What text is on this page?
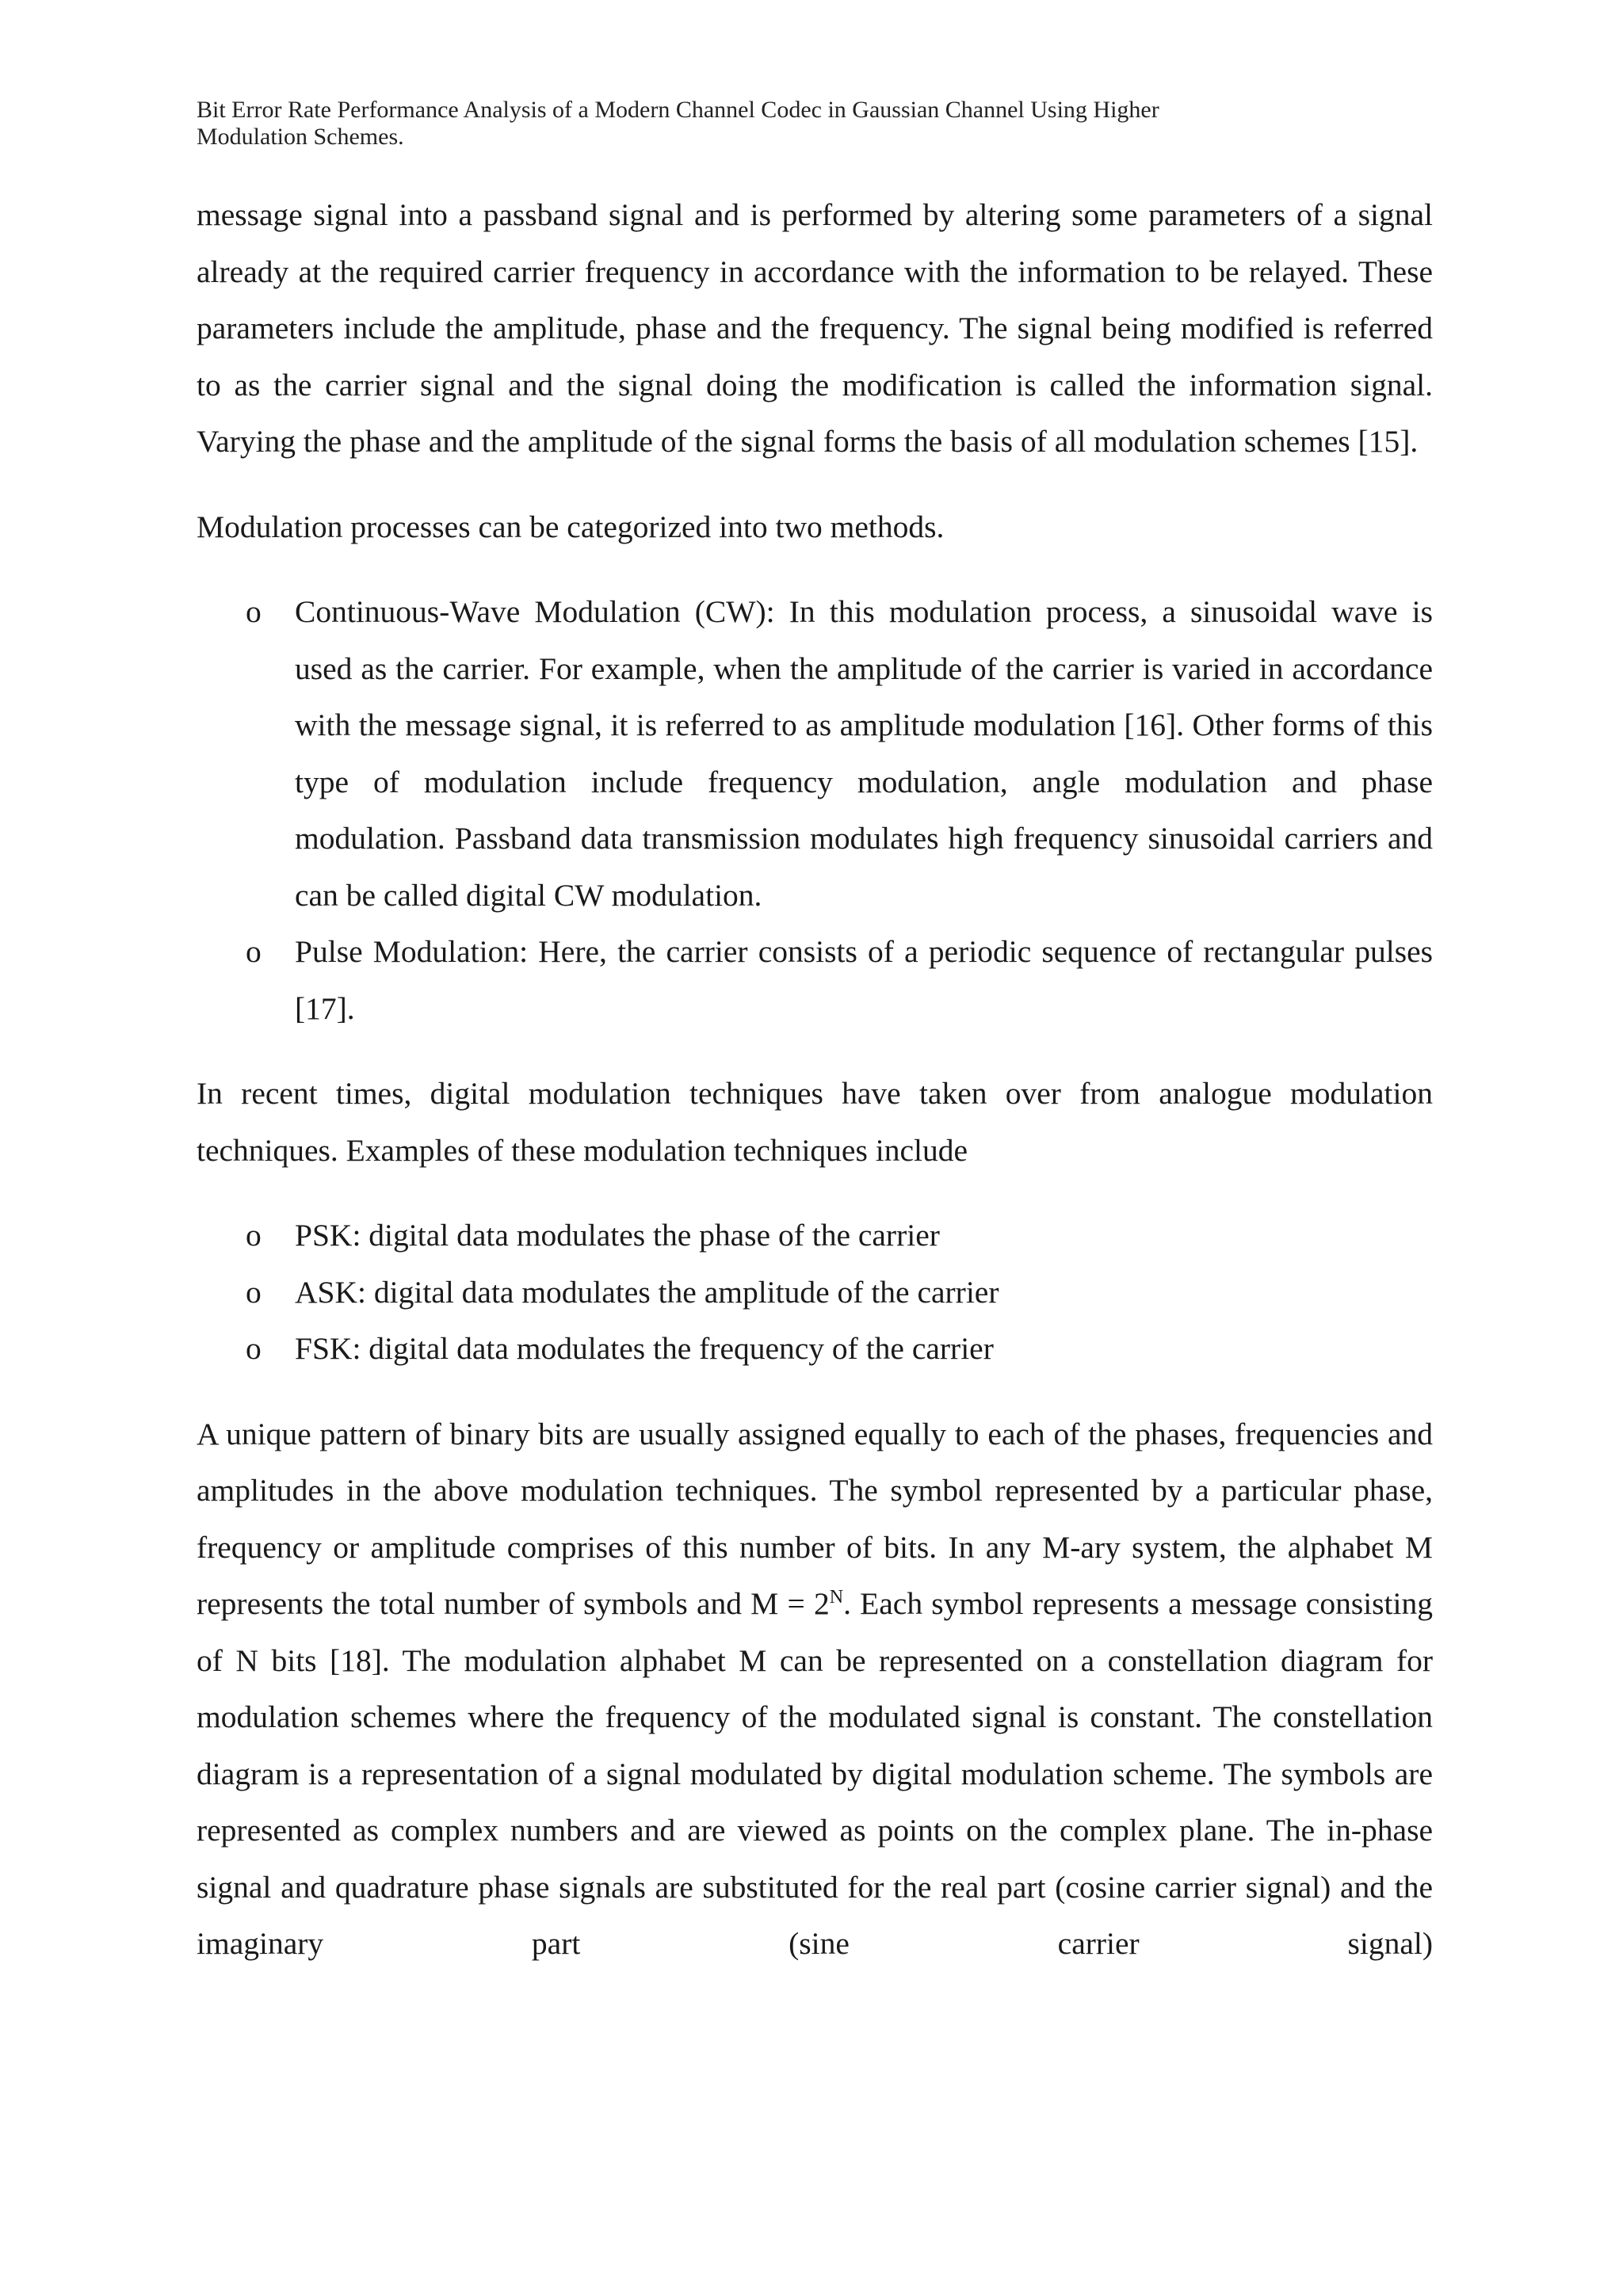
Bit Error Rate Performance Analysis of a Modern Channel Codec in Gaussian Channel Using Higher
Modulation Schemes.

message signal into a passband signal and is performed by altering some parameters of a signal already at the required carrier frequency in accordance with the information to be relayed. These parameters include the amplitude, phase and the frequency. The signal being modified is referred to as the carrier signal and the signal doing the modification is called the information signal. Varying the phase and the amplitude of the signal forms the basis of all modulation schemes [15].

Modulation processes can be categorized into two methods.

o Continuous-Wave Modulation (CW): In this modulation process, a sinusoidal wave is used as the carrier. For example, when the amplitude of the carrier is varied in accordance with the message signal, it is referred to as amplitude modulation [16]. Other forms of this type of modulation include frequency modulation, angle modulation and phase modulation. Passband data transmission modulates high frequency sinusoidal carriers and can be called digital CW modulation.
o Pulse Modulation: Here, the carrier consists of a periodic sequence of rectangular pulses [17].

In recent times, digital modulation techniques have taken over from analogue modulation techniques. Examples of these modulation techniques include

o PSK: digital data modulates the phase of the carrier
o ASK: digital data modulates the amplitude of the carrier
o FSK: digital data modulates the frequency of the carrier

A unique pattern of binary bits are usually assigned equally to each of the phases, frequencies and amplitudes in the above modulation techniques. The symbol represented by a particular phase, frequency or amplitude comprises of this number of bits. In any M-ary system, the alphabet M represents the total number of symbols and $M = 2^N$. Each symbol represents a message consisting of N bits [18]. The modulation alphabet M can be represented on a constellation diagram for modulation schemes where the frequency of the modulated signal is constant. The constellation diagram is a representation of a signal modulated by digital modulation scheme. The symbols are represented as complex numbers and are viewed as points on the complex plane. The in-phase signal and quadrature phase signals are substituted for the real part (cosine carrier signal) and the imaginary part (sine carrier signal)
